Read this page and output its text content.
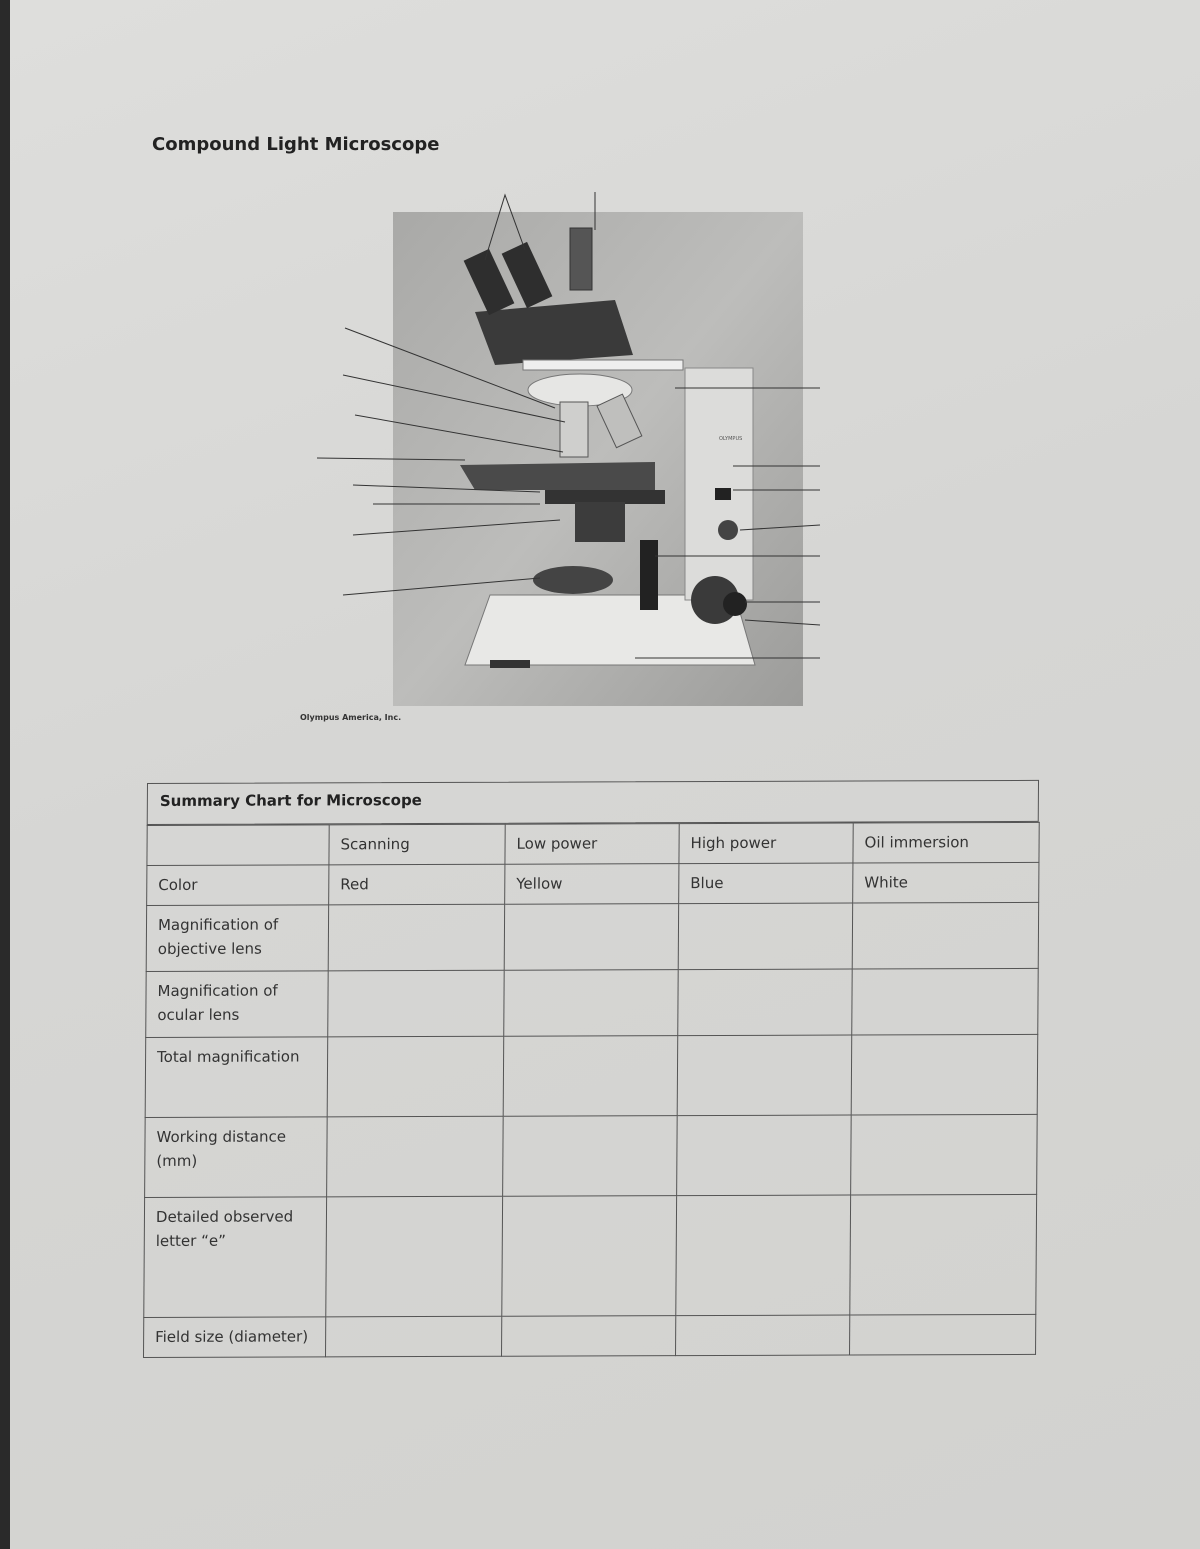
Compound Light Microscope
OLYMPUS
Olympus America, Inc.
Summary Chart for Microscope
	Scanning	Low power	High power	Oil immersion
Color	Red	Yellow	Blue	White
Magnification of objective lens				
Magnification of ocular lens				
Total magnification				
Working distance (mm)				
Detailed observed letter “e”				
Field size (diameter)				
